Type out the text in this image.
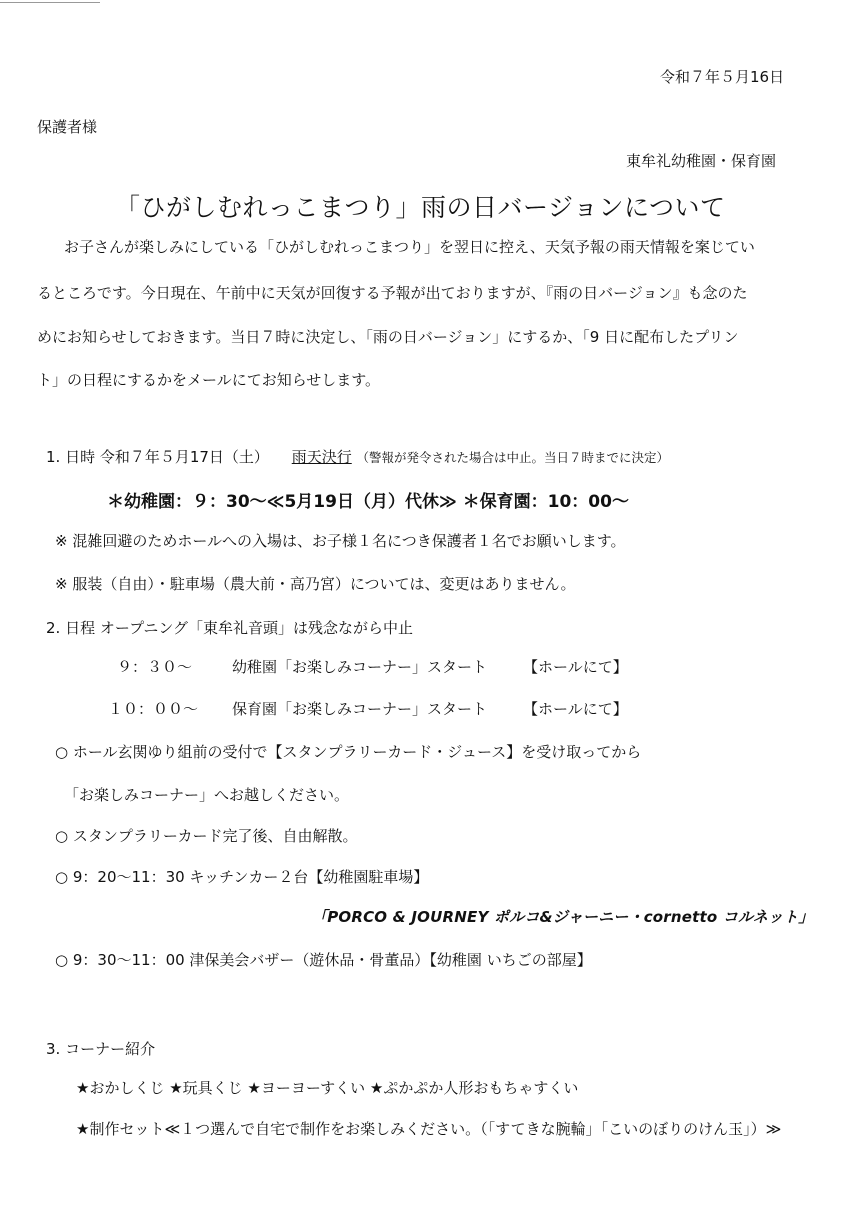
令和７年５月16日
保護者様
東牟礼幼稚園・保育園
「ひがしむれっこまつり」雨の日バージョンについて
お子さんが楽しみにしている「ひがしむれっこまつり」を翌日に控え、天気予報の雨天情報を案じてい
るところです。今日現在、午前中に天気が回復する予報が出ておりますが、『雨の日バージョン』も念のた
めにお知らせしておきます。当日７時に決定し、「雨の日バージョン」にするか、「9 日に配布したプリン
ト」の日程にするかをメールにてお知らせします。
1. 日時 令和７年５月17日（土） 雨天決行 （警報が発令された場合は中止。当日７時までに決定）
＊幼稚園：９：30〜≪5月19日（月）代休≫ ＊保育園：10：00〜
※ 混雑回避のためホールへの入場は、お子様１名につき保護者１名でお願いします。
※ 服装（自由）・駐車場（農大前・高乃宮）については、変更はありません。
2. 日程 オープニング「東牟礼音頭」は残念ながら中止
９：３０〜	幼稚園「お楽しみコーナー」スタート 【ホールにて】
１０：００〜 保育園「お楽しみコーナー」スタート 【ホールにて】
○ ホール玄関ゆり組前の受付で【スタンプラリーカード・ジュース】を受け取ってから
「お楽しみコーナー」へお越しください。
○ スタンプラリーカード完了後、自由解散。
○ 9：20〜11：30 キッチンカー２台【幼稚園駐車場】
「PORCO & JOURNEY ポルコ&ジャーニー・cornetto コルネット」
○ 9：30〜11：00 津保美会バザー（遊休品・骨董品）【幼稚園 いちごの部屋】
3. コーナー紹介
★おかしくじ ★玩具くじ ★ヨーヨーすくい ★ぷかぷか人形おもちゃすくい
★制作セット≪１つ選んで自宅で制作をお楽しみください。（「すてきな腕輪」「こいのぼりのけん玉」）≫
